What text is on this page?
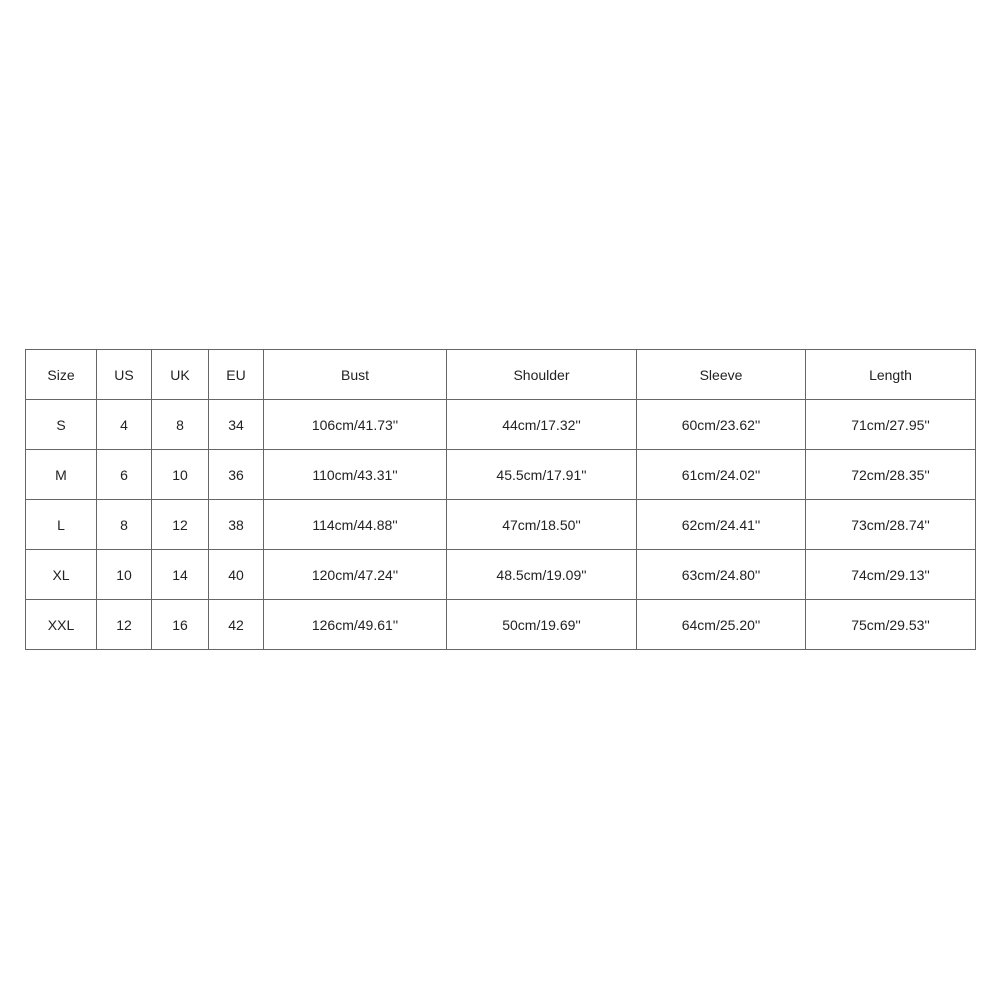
Size	US	UK	EU	Bust	Shoulder	Sleeve	Length
S	4	8	34	106cm/41.73''	44cm/17.32''	60cm/23.62''	71cm/27.95''
M	6	10	36	110cm/43.31''	45.5cm/17.91''	61cm/24.02''	72cm/28.35''
L	8	12	38	114cm/44.88''	47cm/18.50''	62cm/24.41''	73cm/28.74''
XL	10	14	40	120cm/47.24''	48.5cm/19.09''	63cm/24.80''	74cm/29.13''
XXL	12	16	42	126cm/49.61''	50cm/19.69''	64cm/25.20''	75cm/29.53''
